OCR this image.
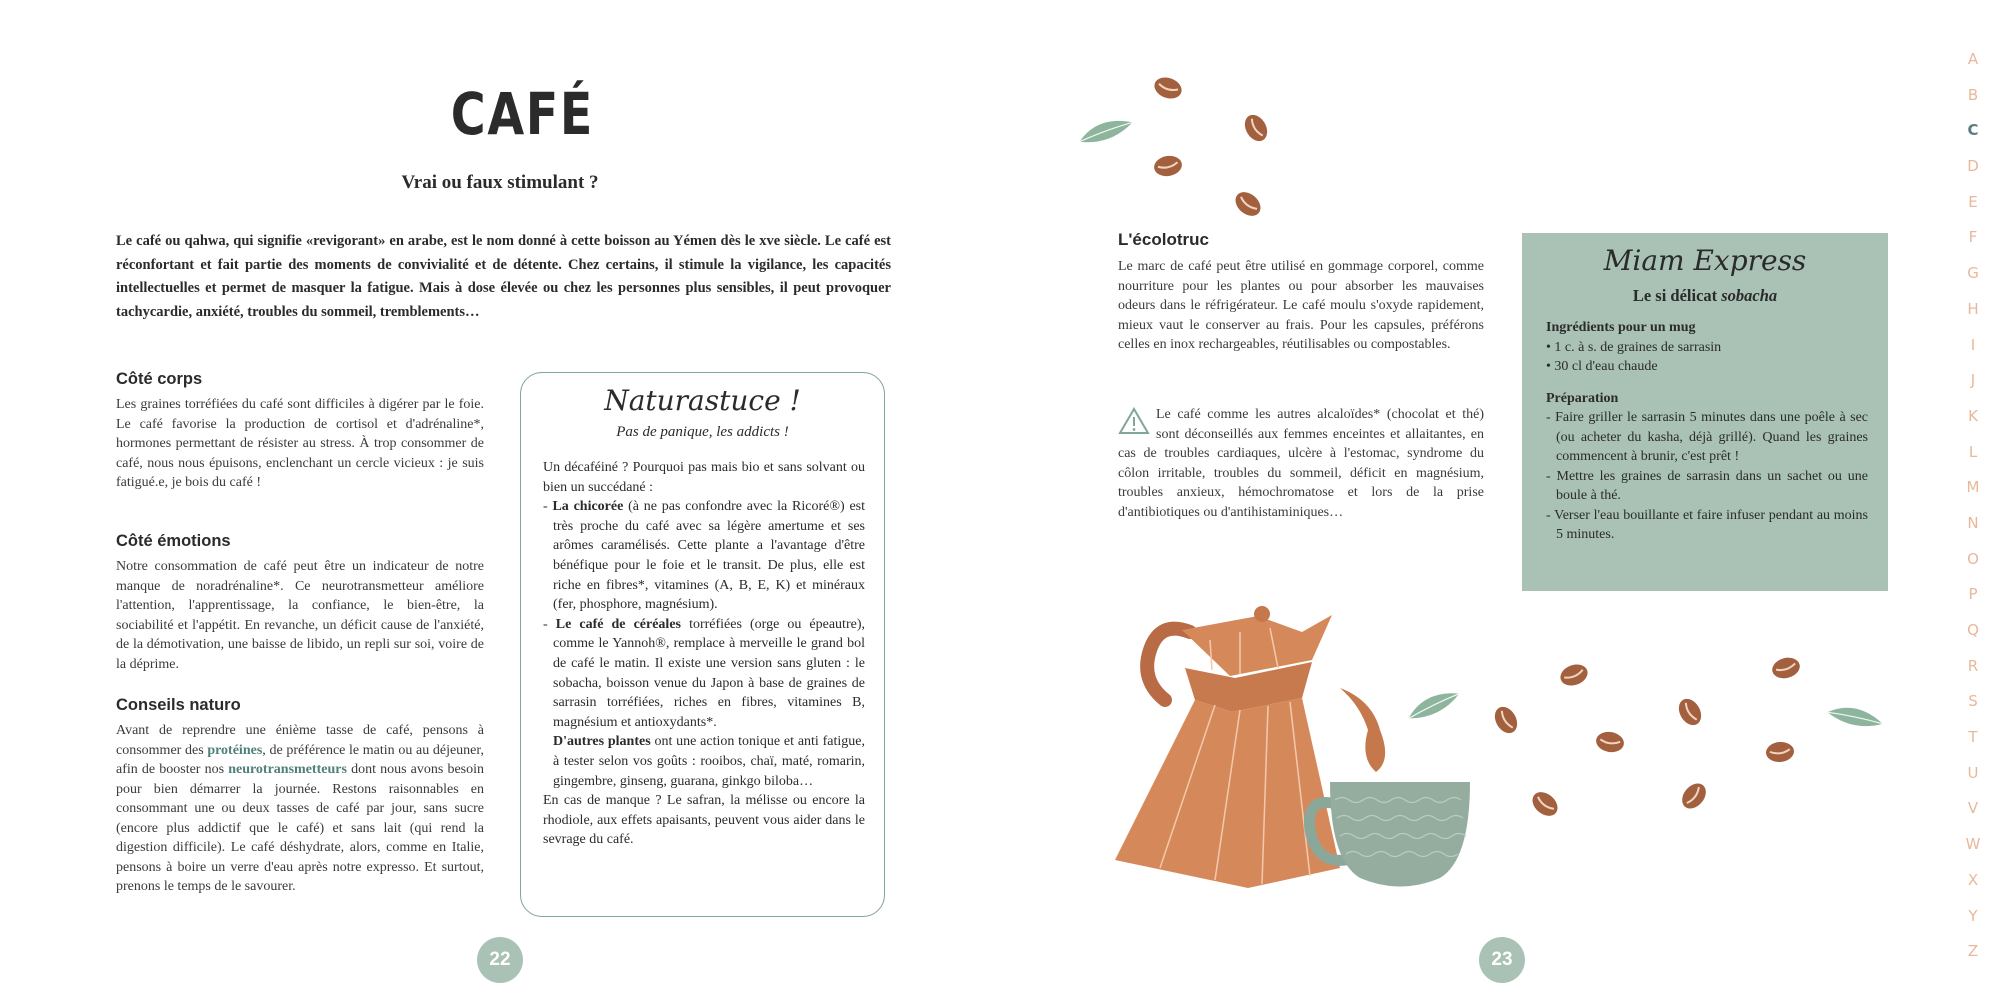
CAFÉ
Vrai ou faux stimulant ?
Le café ou qahwa, qui signifie «revigorant» en arabe, est le nom donné à cette boisson au Yémen dès le xve siècle. Le café est réconfortant et fait partie des moments de convivialité et de détente. Chez certains, il stimule la vigilance, les capacités intellectuelles et permet de masquer la fatigue. Mais à dose élevée ou chez les personnes plus sensibles, il peut provoquer tachycardie, anxiété, troubles du sommeil, tremblements…
Côté corps
Les graines torréfiées du café sont difficiles à digérer par le foie. Le café favorise la production de cortisol et d'adrénaline*, hormones permettant de résister au stress. À trop consommer de café, nous nous épuisons, enclenchant un cercle vicieux : je suis fatigué.e, je bois du café !
Côté émotions
Notre consommation de café peut être un indicateur de notre manque de noradrénaline*. Ce neurotransmetteur améliore l'attention, l'apprentissage, la confiance, le bien-être, la sociabilité et l'appétit. En revanche, un déficit cause de l'anxiété, de la démotivation, une baisse de libido, un repli sur soi, voire de la déprime.
Conseils naturo
Avant de reprendre une énième tasse de café, pensons à consommer des protéines, de préférence le matin ou au déjeuner, afin de booster nos neurotransmetteurs dont nous avons besoin pour bien démarrer la journée. Restons raisonnables en consommant une ou deux tasses de café par jour, sans sucre (encore plus addictif que le café) et sans lait (qui rend la digestion difficile). Le café déshydrate, alors, comme en Italie, pensons à boire un verre d'eau après notre expresso. Et surtout, prenons le temps de le savourer.
Naturastuce !
Pas de panique, les addicts !
Un décaféiné ? Pourquoi pas mais bio et sans solvant ou bien un succédané :
- La chicorée (à ne pas confondre avec la Ricoré®) est très proche du café avec sa légère amertume et ses arômes caramélisés. Cette plante a l'avantage d'être bénéfique pour le foie et le transit. De plus, elle est riche en fibres*, vitamines (A, B, E, K) et minéraux (fer, phosphore, magnésium).
- Le café de céréales torréfiées (orge ou épeautre), comme le Yannoh®, remplace à merveille le grand bol de café le matin. Il existe une version sans gluten : le sobacha, boisson venue du Japon à base de graines de sarrasin torréfiées, riches en fibres, vitamines B, magnésium et antioxydants*.
D'autres plantes ont une action tonique et anti fatigue, à tester selon vos goûts : rooibos, chaï, maté, romarin, gingembre, ginseng, guarana, ginkgo biloba…
En cas de manque ? Le safran, la mélisse ou encore la rhodiole, aux effets apaisants, peuvent vous aider dans le sevrage du café.
22
L'écolotruc
Le marc de café peut être utilisé en gommage corporel, comme nourriture pour les plantes ou pour absorber les mauvaises odeurs dans le réfrigérateur. Le café moulu s'oxyde rapidement, mieux vaut le conserver au frais. Pour les capsules, préférons celles en inox rechargeables, réutilisables ou compostables.
Le café comme les autres alcaloïdes* (chocolat et thé) sont déconseillés aux femmes enceintes et allaitantes, en cas de troubles cardiaques, ulcère à l'estomac, syndrome du côlon irritable, troubles du sommeil, déficit en magnésium, troubles anxieux, hémochromatose et lors de la prise d'antibiotiques ou d'antihistaminiques…
Miam Express
Le si délicat sobacha
Ingrédients pour un mug
• 1 c. à s. de graines de sarrasin
• 30 cl d'eau chaude
Préparation
- Faire griller le sarrasin 5 minutes dans une poêle à sec (ou acheter du kasha, déjà grillé). Quand les graines commencent à brunir, c'est prêt !
- Mettre les graines de sarrasin dans un sachet ou une boule à thé.
- Verser l'eau bouillante et faire infuser pendant au moins 5 minutes.
23
A
B
C
D
E
F
G
H
I
J
K
L
M
N
O
P
Q
R
S
T
U
V
W
X
Y
Z
